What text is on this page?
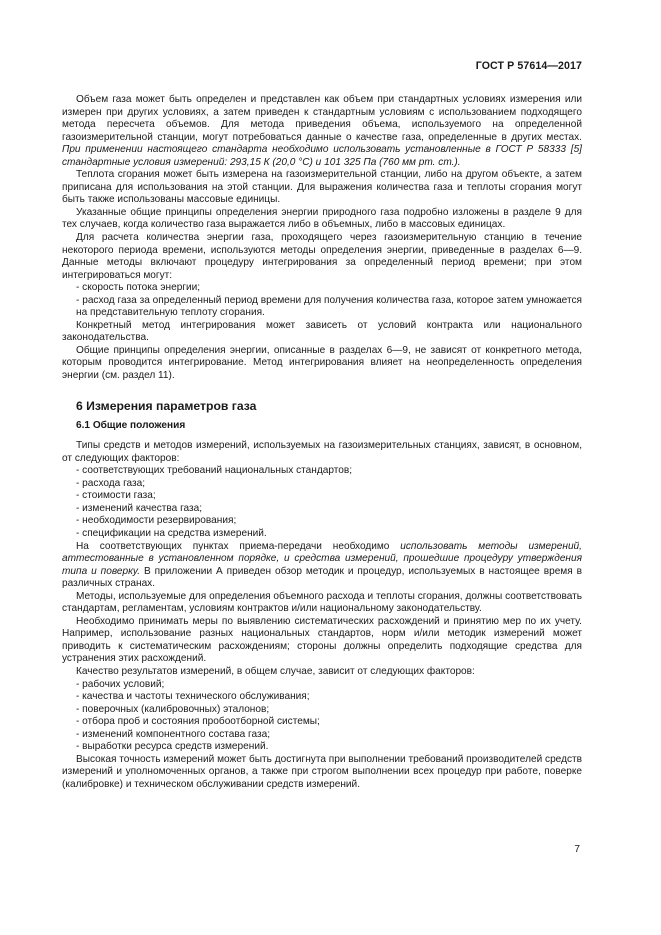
ГОСТ Р 57614—2017

Объем газа может быть определен и представлен как объем при стандартных условиях измерения или измерен при других условиях, а затем приведен к стандартным условиям с использованием подходящего метода пересчета объемов. Для метода приведения объема, используемого на определенной газоизмерительной станции, могут потребоваться данные о качестве газа, определенные в других местах. При применении настоящего стандарта необходимо использовать установленные в ГОСТ Р 58333 [5] стандартные условия измерений: 293,15 К (20,0 °С) и 101 325 Па (760 мм рт. ст.).

Теплота сгорания может быть измерена на газоизмерительной станции, либо на другом объекте, а затем приписана для использования на этой станции. Для выражения количества газа и теплоты сгорания могут быть также использованы массовые единицы.

Указанные общие принципы определения энергии природного газа подробно изложены в разделе 9 для тех случаев, когда количество газа выражается либо в объемных, либо в массовых единицах.

Для расчета количества энергии газа, проходящего через газоизмерительную станцию в течение некоторого периода времени, используются методы определения энергии, приведенные в разделах 6—9. Данные методы включают процедуру интегрирования за определенный период времени; при этом интегрироваться могут:

- скорость потока энергии;

- расход газа за определенный период времени для получения количества газа, которое затем умножается на представительную теплоту сгорания.

Конкретный метод интегрирования может зависеть от условий контракта или национального законодательства.

Общие принципы определения энергии, описанные в разделах 6—9, не зависят от конкретного метода, которым проводится интегрирование. Метод интегрирования влияет на неопределенность определения энергии (см. раздел 11).

6 Измерения параметров газа
6.1 Общие положения

Типы средств и методов измерений, используемых на газоизмерительных станциях, зависят, в основном, от следующих факторов:

- соответствующих требований национальных стандартов;

- расхода газа;

- стоимости газа;

- изменений качества газа;

- необходимости резервирования;

- спецификации на средства измерений.

На соответствующих пунктах приема-передачи необходимо использовать методы измерений, аттестованные в установленном порядке, и средства измерений, прошедшие процедуру утверждения типа и поверку. В приложении А приведен обзор методик и процедур, используемых в настоящее время в различных странах.

Методы, используемые для определения объемного расхода и теплоты сгорания, должны соответствовать стандартам, регламентам, условиям контрактов и/или национальному законодательству.

Необходимо принимать меры по выявлению систематических расхождений и принятию мер по их учету. Например, использование разных национальных стандартов, норм и/или методик измерений может приводить к систематическим расхождениям; стороны должны определить подходящие средства для устранения этих расхождений.

Качество результатов измерений, в общем случае, зависит от следующих факторов:

- рабочих условий;

- качества и частоты технического обслуживания;

- поверочных (калибровочных) эталонов;

- отбора проб и состояния пробоотборной системы;

- изменений компонентного состава газа;

- выработки ресурса средств измерений.

Высокая точность измерений может быть достигнута при выполнении требований производителей средств измерений и уполномоченных органов, а также при строгом выполнении всех процедур при работе, поверке (калибровке) и техническом обслуживании средств измерений.

7
